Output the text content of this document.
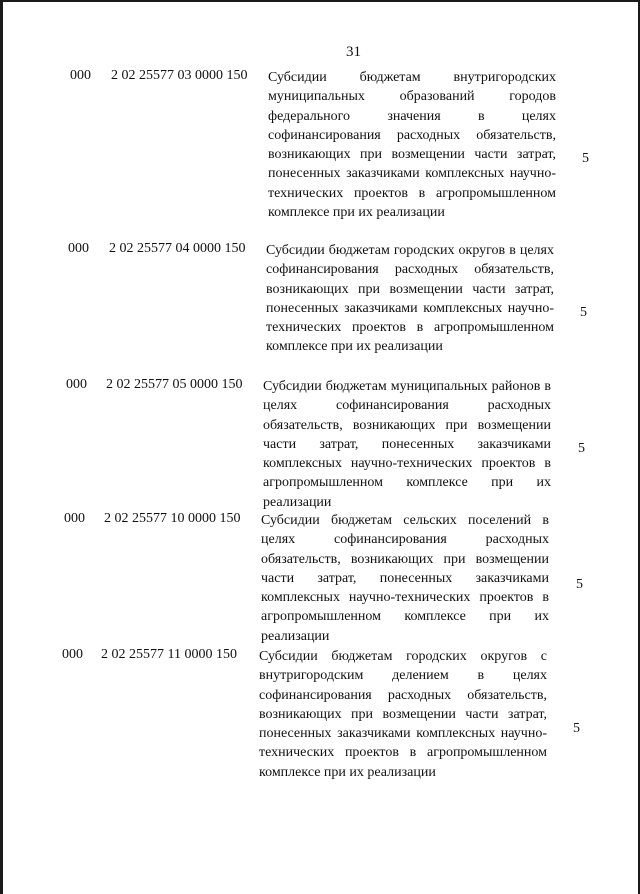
31
000 2 02 25577 03 0000 150 Субсидии бюджетам внутригородских муниципальных образований городов федерального значения в целях софинансирования расходных обязательств, возникающих при возмещении части затрат, понесенных заказчиками комплексных научно-технических проектов в агропромышленном комплексе при их реализации
5
000 2 02 25577 04 0000 150 Субсидии бюджетам городских округов в целях софинансирования расходных обязательств, возникающих при возмещении части затрат, понесенных заказчиками комплексных научно-технических проектов в агропромышленном комплексе при их реализации
5
000 2 02 25577 05 0000 150 Субсидии бюджетам муниципальных районов в целях софинансирования расходных обязательств, возникающих при возмещении части затрат, понесенных заказчиками комплексных научно-технических проектов в агропромышленном комплексе при их реализации
5
000 2 02 25577 10 0000 150 Субсидии бюджетам сельских поселений в целях софинансирования расходных обязательств, возникающих при возмещении части затрат, понесенных заказчиками комплексных научно-технических проектов в агропромышленном комплексе при их реализации
5
000 2 02 25577 11 0000 150 Субсидии бюджетам городских округов с внутригородским делением в целях софинансирования расходных обязательств, возникающих при возмещении части затрат, понесенных заказчиками комплексных научно-технических проектов в агропромышленном комплексе при их реализации
5
